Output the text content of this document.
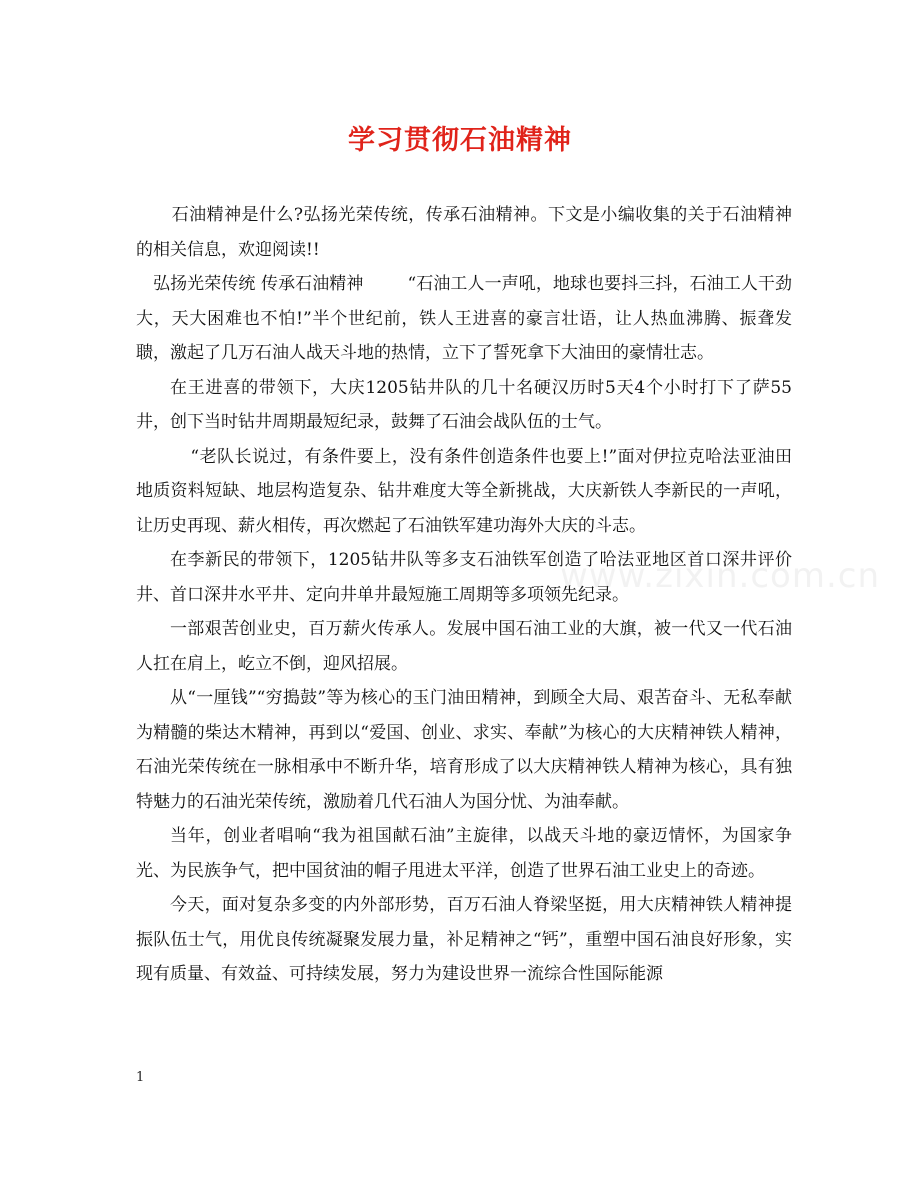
www.zixin.com.cn
学习贯彻石油精神

石油精神是什么?弘扬光荣传统，传承石油精神。下文是小编收集的关于石油精神的相关信息，欢迎阅读!!

弘扬光荣传统 传承石油精神	“石油工人一声吼，地球也要抖三抖，石油工人干劲大，天大困难也不怕!”半个世纪前，铁人王进喜的豪言壮语，让人热血沸腾、振聋发聩，激起了几万石油人战天斗地的热情，立下了誓死拿下大油田的豪情壮志。

在王进喜的带领下，大庆1205钻井队的几十名硬汉历时5天4个小时打下了萨55井，创下当时钻井周期最短纪录，鼓舞了石油会战队伍的士气。

“老队长说过，有条件要上，没有条件创造条件也要上!”面对伊拉克哈法亚油田地质资料短缺、地层构造复杂、钻井难度大等全新挑战，大庆新铁人李新民的一声吼，让历史再现、薪火相传，再次燃起了石油铁军建功海外大庆的斗志。

在李新民的带领下，1205钻井队等多支石油铁军创造了哈法亚地区首口深井评价井、首口深井水平井、定向井单井最短施工周期等多项领先纪录。

一部艰苦创业史，百万薪火传承人。发展中国石油工业的大旗，被一代又一代石油人扛在肩上，屹立不倒，迎风招展。

从“一厘钱”“穷搗鼓”等为核心的玉门油田精神，到顾全大局、艰苦奋斗、无私奉献为精髓的柴达木精神，再到以“爱国、创业、求实、奉献”为核心的大庆精神铁人精神，石油光荣传统在一脉相承中不断升华，培育形成了以大庆精神铁人精神为核心，具有独特魅力的石油光荣传统，激励着几代石油人为国分忧、为油奉献。

当年，创业者唱响“我为祖国献石油”主旋律，以战天斗地的豪迈情怀，为国家争光、为民族争气，把中国贫油的帽子甩进太平洋，创造了世界石油工业史上的奇迹。

今天，面对复杂多变的内外部形势，百万石油人脊梁坚挺，用大庆精神铁人精神提振队伍士气，用优良传统凝聚发展力量，补足精神之“钙”，重塑中国石油良好形象，实现有质量、有效益、可持续发展，努力为建设世界一流综合性国际能源

1
